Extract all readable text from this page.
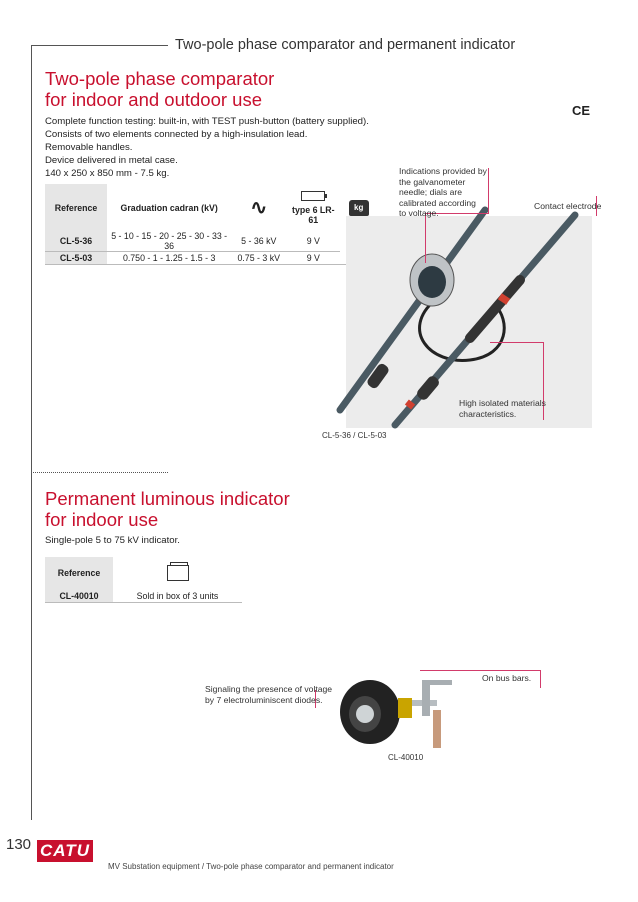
Two-pole phase comparator and permanent indicator
Two-pole phase comparator
for indoor and outdoor use
CE
Complete function testing: built-in, with TEST push-button (battery supplied).
Consists of two elements connected by a high-insulation lead.
Removable handles.
Device delivered in metal case.
140 x 250 x 850 mm - 7.5 kg.
Reference	Graduation cadran (kV)	∿	type 6 LR-61	kg

CL-5-36	5 - 10 - 15 - 20 - 25 - 30 - 33 - 36	5 - 36 kV	9 V	
CL-5-03	0.750 - 1 - 1.25 - 1.5 - 3	0.75 - 3 kV	9 V	
Indications provided by
the galvanometer
needle; dials are
calibrated according
to voltage.
Contact electrode
High isolated materials
characteristics.
CL-5-36 / CL-5-03
Permanent luminous indicator
for indoor use
Single-pole 5 to 75 kV indicator.
Reference	

CL-40010	Sold in box of 3 units
Signaling the presence of voltage
by 7 electroluminiscent diodes.
On bus bars.
CL-40010
130 CATU
MV Substation equipment / Two-pole phase comparator and permanent indicator
